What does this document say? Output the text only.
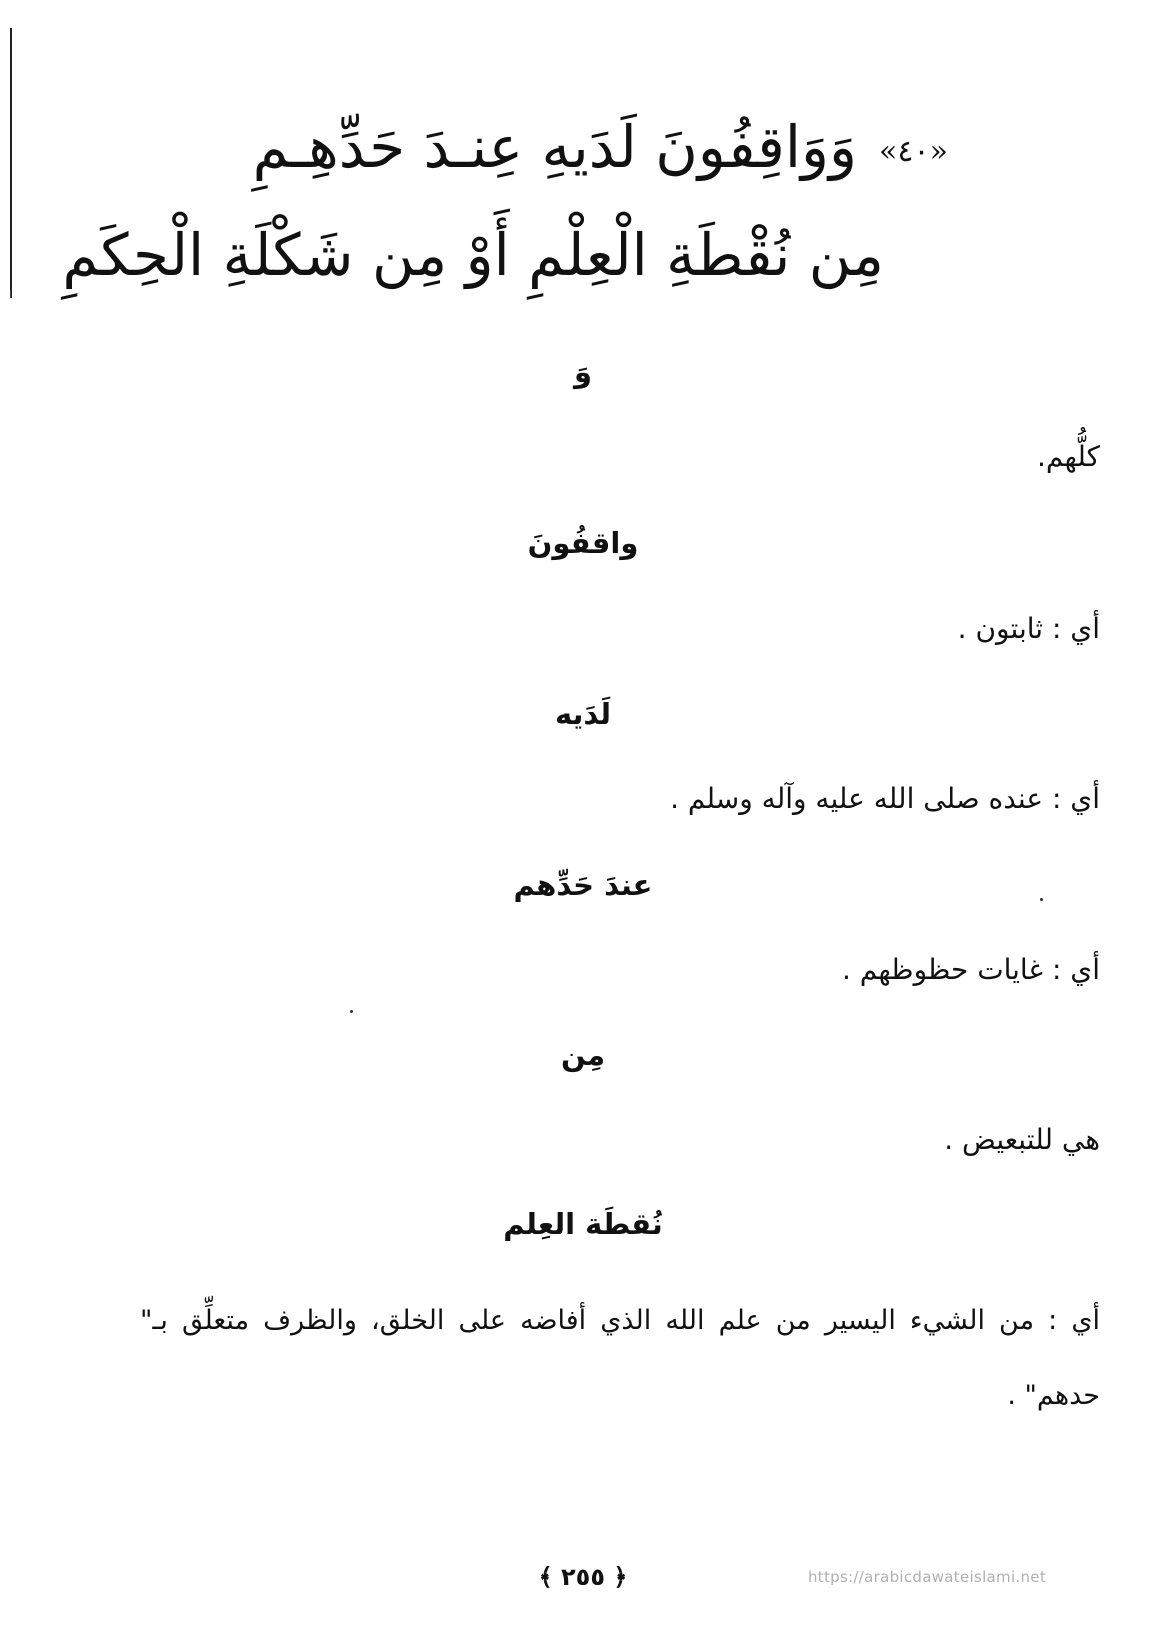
«٤٠»وَوَاقِفُونَ لَدَيهِ عِنـدَ حَدِّهِـمِ
مِن نُقْطَةِ الْعِلْمِ أَوْ مِن شَكْلَةِ الْحِكَمِ
وَ
كلُّهم.
واقفُونَ
أي : ثابتون .
لَدَيه
أي : عنده صلى الله عليه وآله وسلم .
عندَ حَدِّهم
أي : غايات حظوظهم .
مِن
هي للتبعيض .
نُقطَة العِلم
أي : من الشيء اليسير من علم الله الذي أفاضه على الخلق، والظرف متعلِّق بـ" حدهم" .
﴿ ٢٥٥ ﴾	https://arabicdawateislami.net
